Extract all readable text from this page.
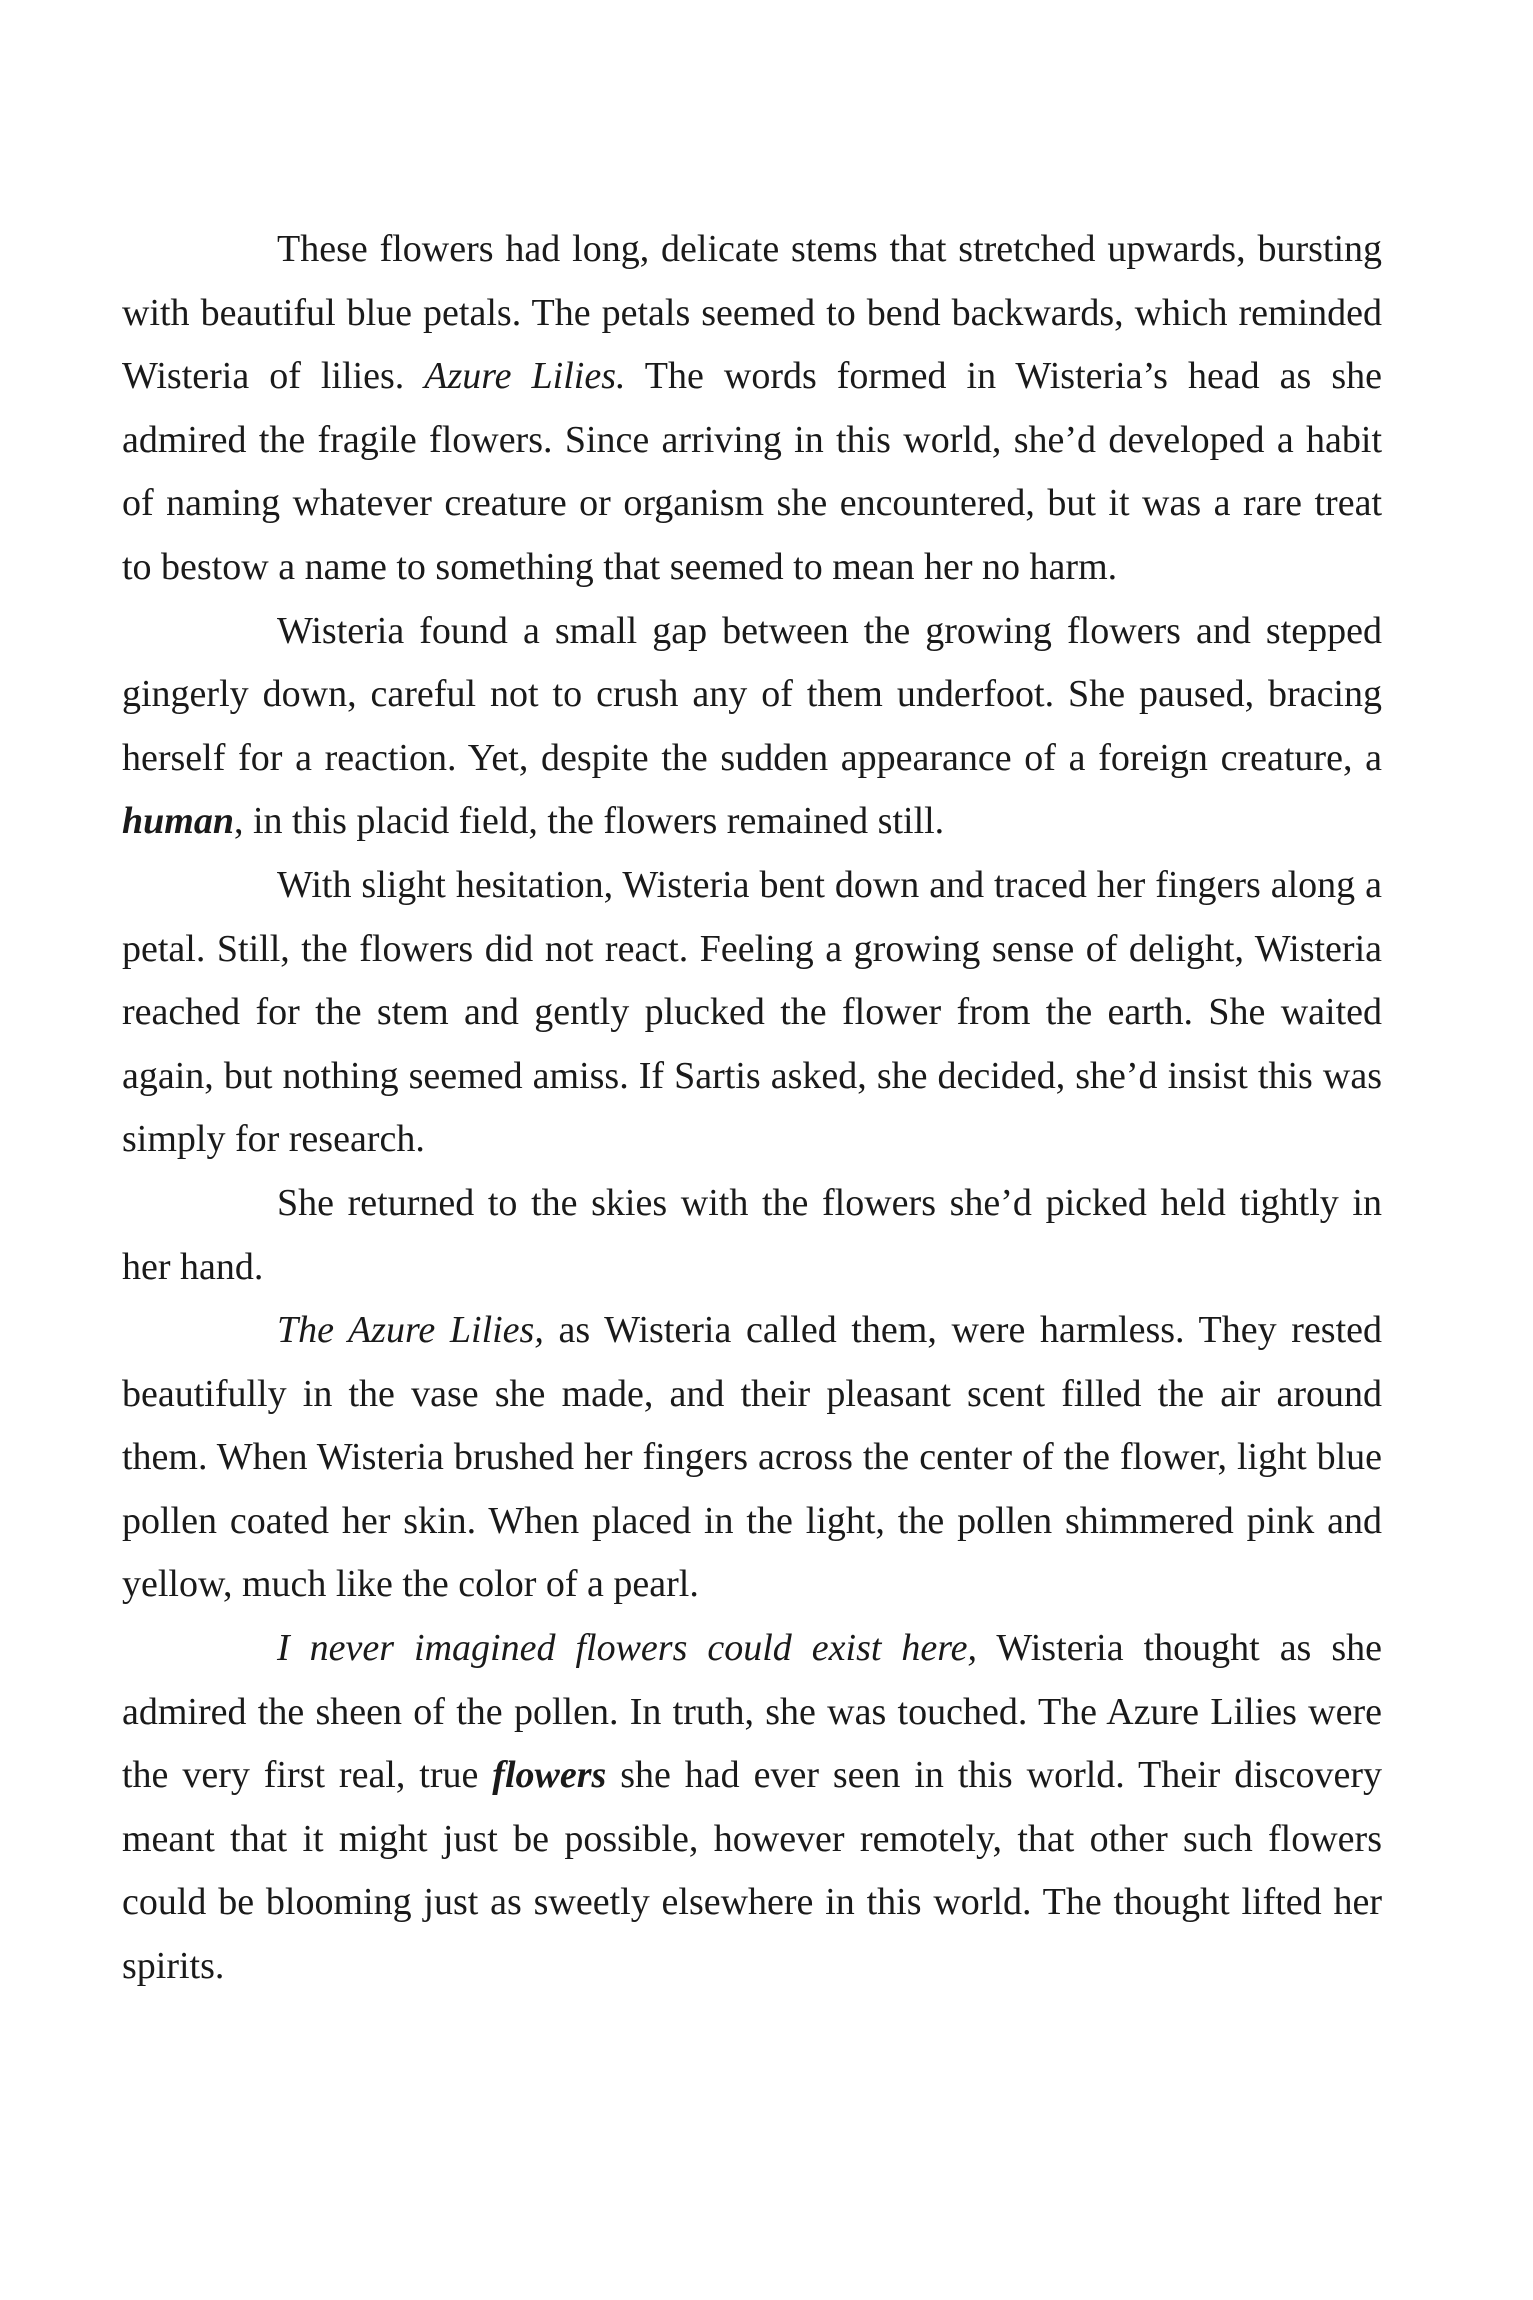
These flowers had long, delicate stems that stretched upwards, bursting with beautiful blue petals. The petals seemed to bend backwards, which reminded Wisteria of lilies. Azure Lilies. The words formed in Wisteria’s head as she admired the fragile flowers. Since arriving in this world, she’d developed a habit of naming whatever creature or organism she encountered, but it was a rare treat to bestow a name to something that seemed to mean her no harm.

Wisteria found a small gap between the growing flowers and stepped gingerly down, careful not to crush any of them underfoot. She paused, bracing herself for a reaction. Yet, despite the sudden appearance of a foreign creature, a human, in this placid field, the flowers remained still.

With slight hesitation, Wisteria bent down and traced her fingers along a petal. Still, the flowers did not react. Feeling a growing sense of delight, Wisteria reached for the stem and gently plucked the flower from the earth. She waited again, but nothing seemed amiss. If Sartis asked, she decided, she’d insist this was simply for research.

She returned to the skies with the flowers she’d picked held tightly in her hand.

The Azure Lilies, as Wisteria called them, were harmless. They rested beautifully in the vase she made, and their pleasant scent filled the air around them. When Wisteria brushed her fingers across the center of the flower, light blue pollen coated her skin. When placed in the light, the pollen shimmered pink and yellow, much like the color of a pearl.

I never imagined flowers could exist here, Wisteria thought as she admired the sheen of the pollen. In truth, she was touched. The Azure Lilies were the very first real, true flowers she had ever seen in this world. Their discovery meant that it might just be possible, however remotely, that other such flowers could be blooming just as sweetly elsewhere in this world. The thought lifted her spirits.
